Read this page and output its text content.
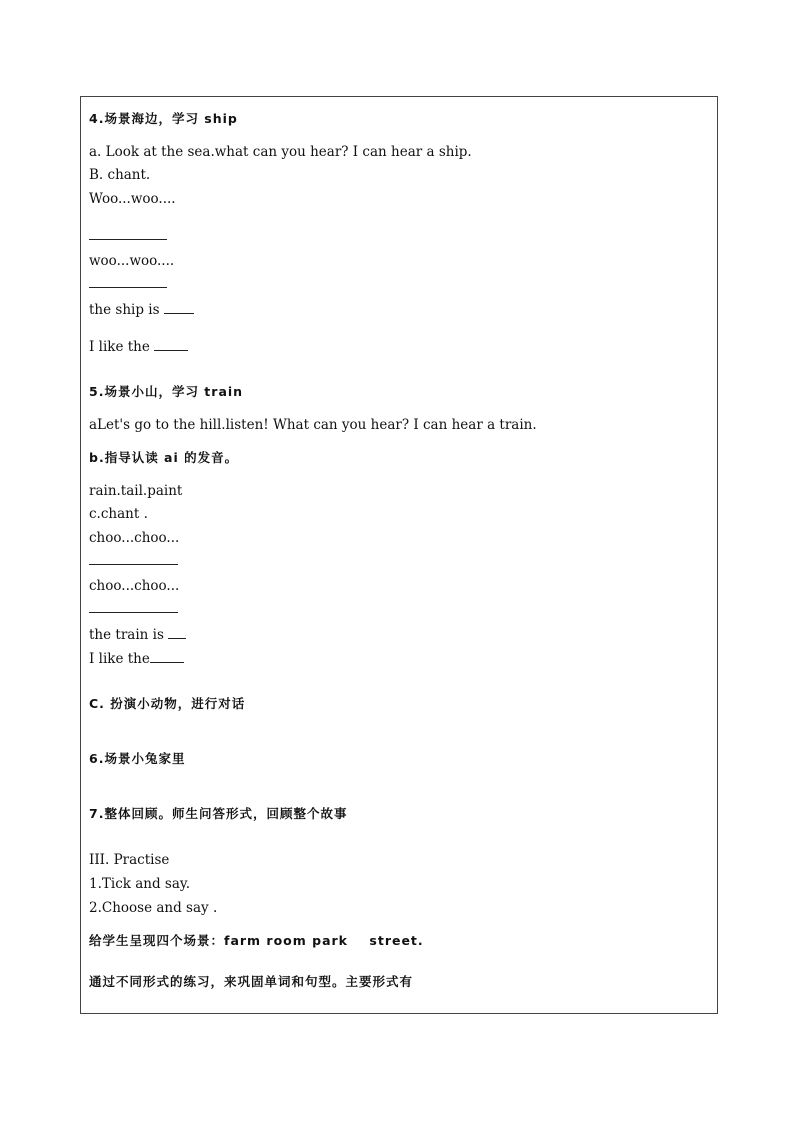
4.场景海边，学习 ship
a. Look at the sea.what can you hear? I can hear a ship.
B. chant.
Woo...woo....
woo...woo....
the ship is
I like the
5.场景小山，学习 train
aLet's go to the hill.listen! What can you hear? I can hear a train.
b.指导认读 ai 的发音。
rain.tail.paint
c.chant .
choo...choo...
choo...choo...
the train is
I like the
C. 扮演小动物，进行对话
6.场景小兔家里
7.整体回顾。师生问答形式，回顾整个故事
III. Practise
1.Tick and say.
2.Choose and say .
给学生呈现四个场景：farm room park    street.
通过不同形式的练习，来巩固单词和句型。主要形式有
